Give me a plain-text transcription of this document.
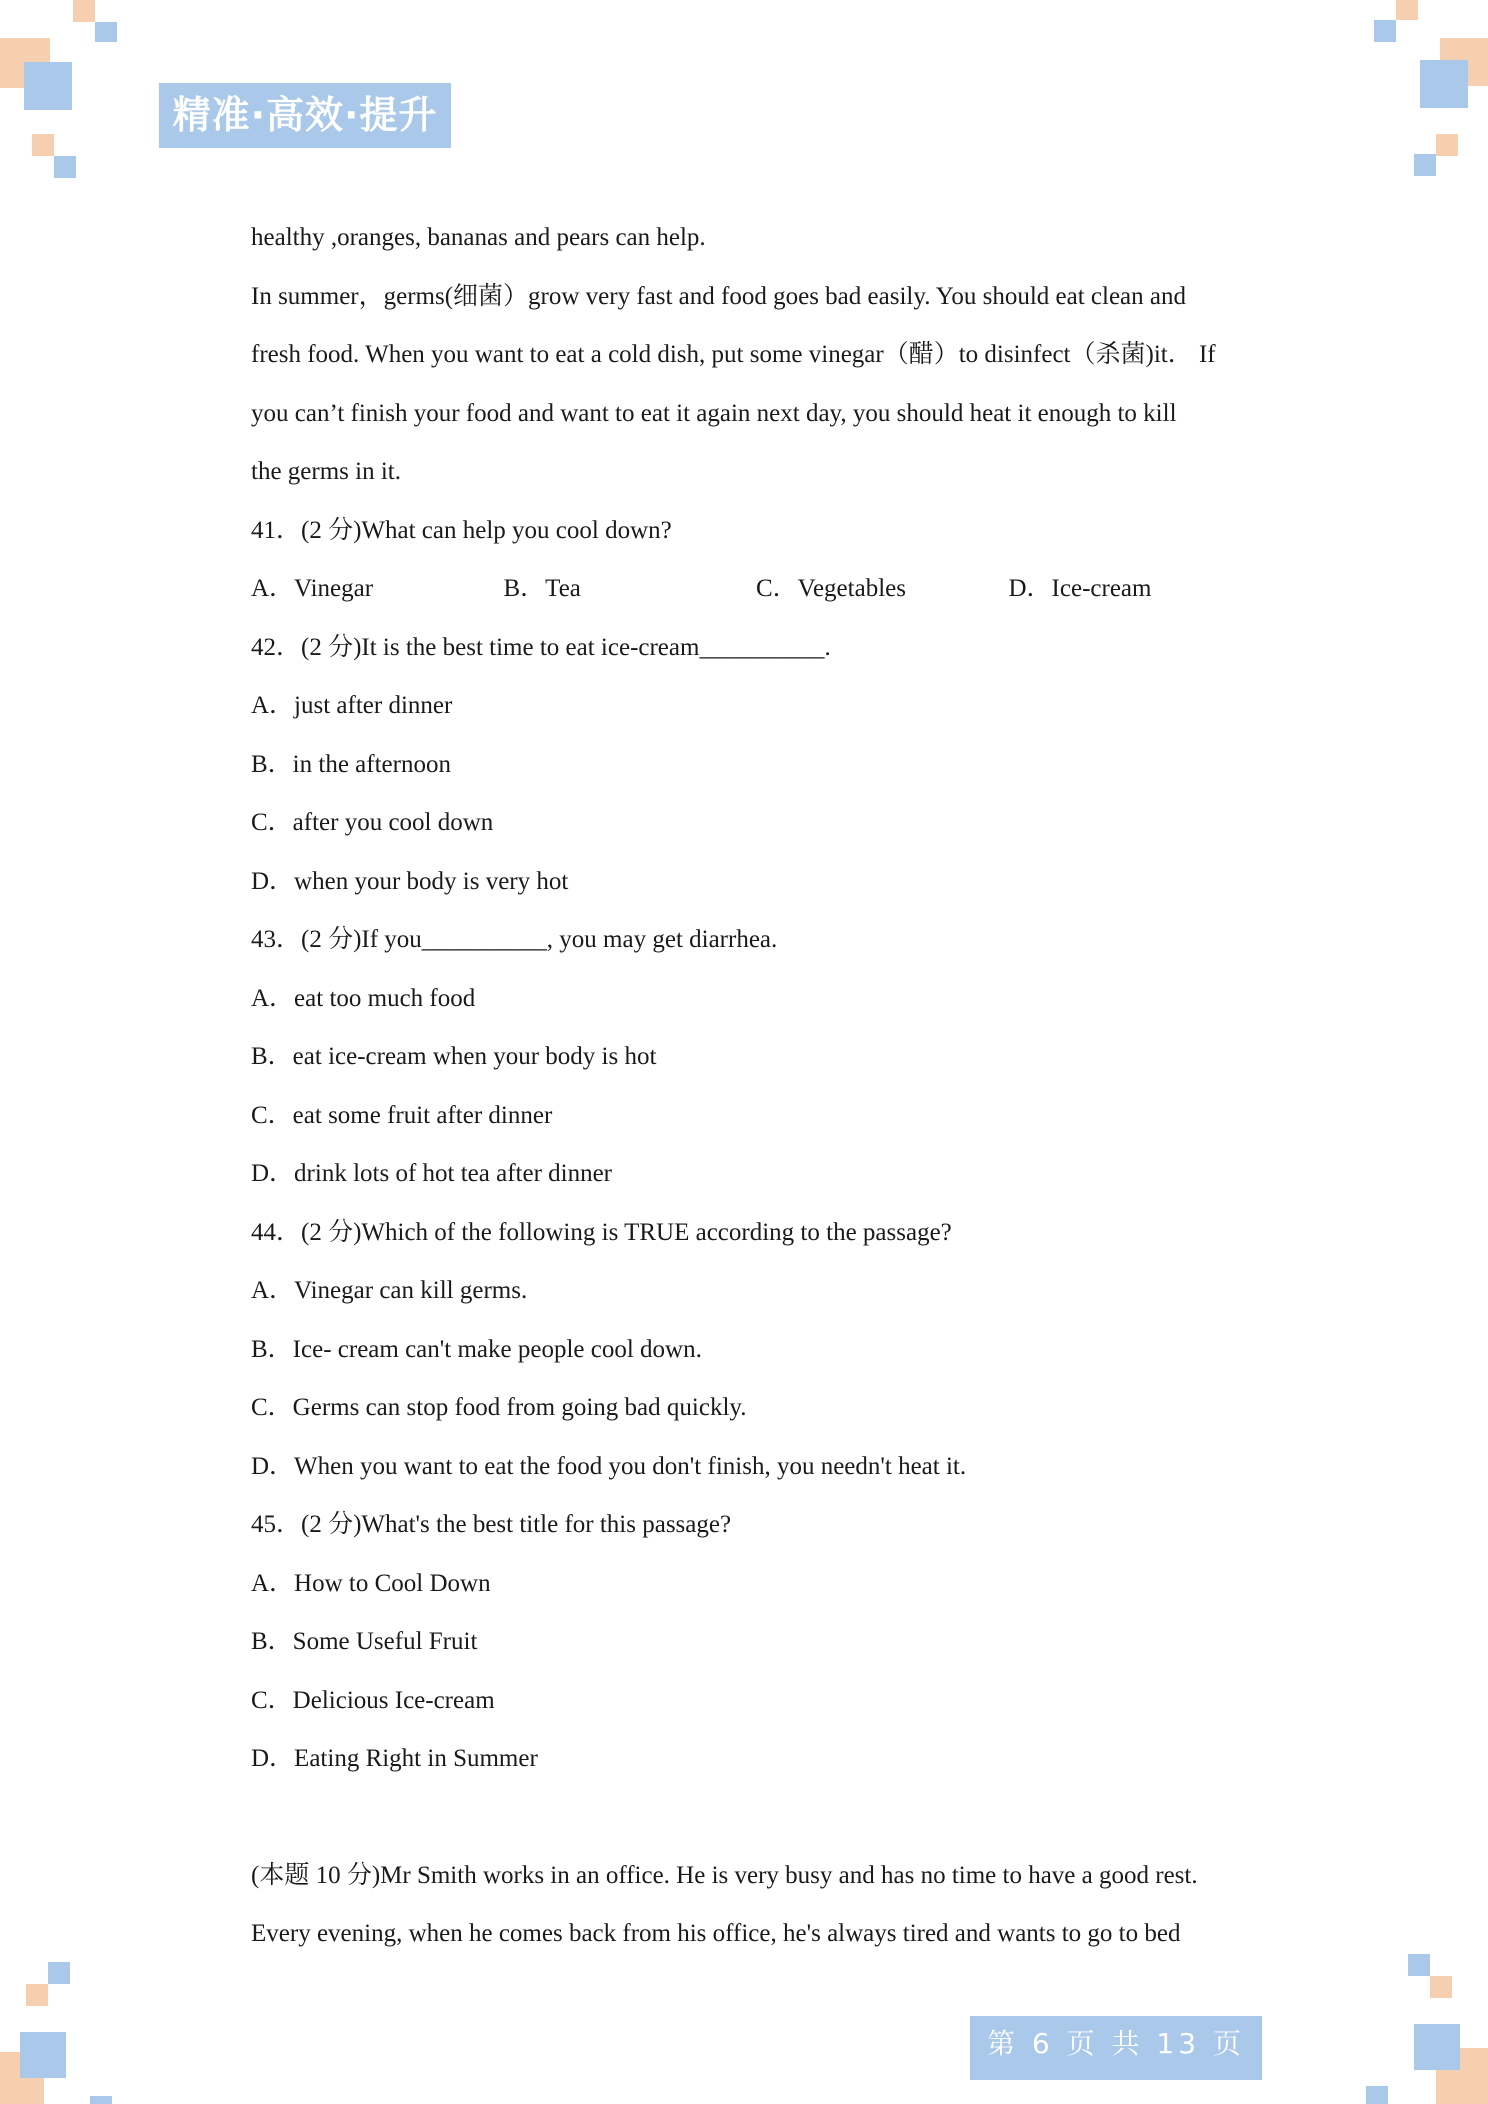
精准·高效·提升
healthy ,oranges, bananas and pears can help.
In summer，germs(细菌）grow very fast and food goes bad easily. You should eat clean and
fresh food. When you want to eat a cold dish, put some vinegar（醋）to disinfect（杀菌)it． If
you can’t finish your food and want to eat it again next day, you should heat it enough to kill
the germs in it.
41．(2 分)What can help you cool down?
A．Vinegar	B．Tea	C．Vegetables	D．Ice-cream
42．(2 分)It is the best time to eat ice-cream__________.
A．just after dinner
B．in the afternoon
C．after you cool down
D．when your body is very hot
43．(2 分)If you__________, you may get diarrhea.
A．eat too much food
B．eat ice-cream when your body is hot
C．eat some fruit after dinner
D．drink lots of hot tea after dinner
44．(2 分)Which of the following is TRUE according to the passage?
A．Vinegar can kill germs.
B．Ice- cream can't make people cool down.
C．Germs can stop food from going bad quickly.
D．When you want to eat the food you don't finish, you needn't heat it.
45．(2 分)What's the best title for this passage?
A．How to Cool Down
B．Some Useful Fruit
C．Delicious Ice-cream
D．Eating Right in Summer
(本题 10 分)Mr Smith works in an office. He is very busy and has no time to have a good rest.
Every evening, when he comes back from his office, he's always tired and wants to go to bed
第 6 页 共 13 页
